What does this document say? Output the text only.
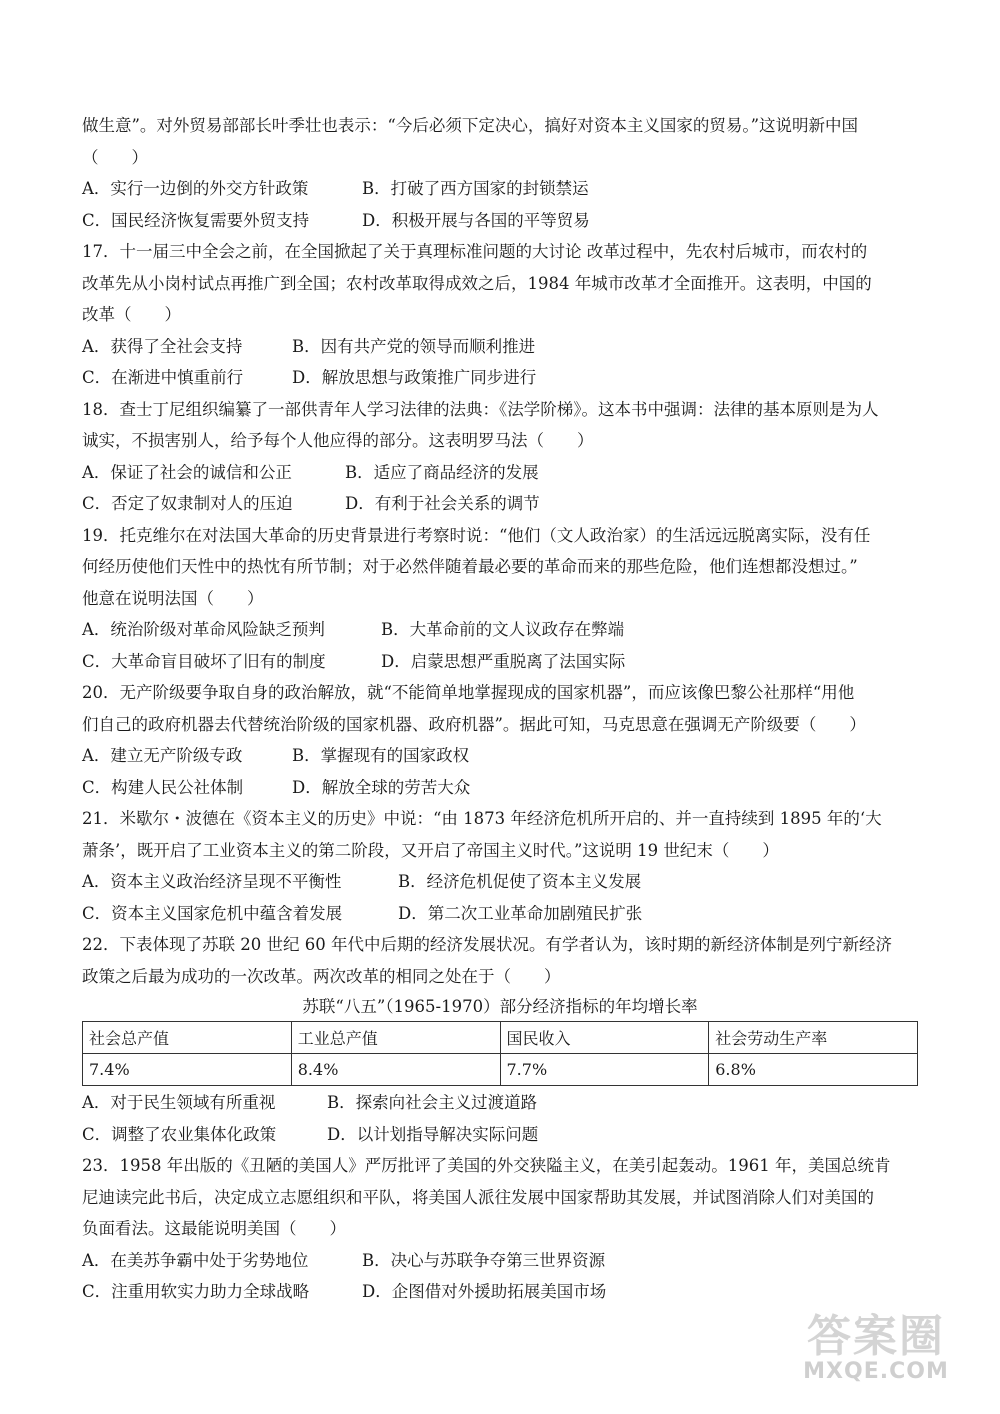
做生意”。对外贸易部部长叶季壮也表示：“今后必须下定决心，搞好对资本主义国家的贸易。”这说明新中国
（　　）
A．实行一边倒的外交方针政策	B．打破了西方国家的封锁禁运
C．国民经济恢复需要外贸支持	D．积极开展与各国的平等贸易
17．十一届三中全会之前，在全国掀起了关于真理标准问题的大讨论 改革过程中，先农村后城市，而农村的
改革先从小岗村试点再推广到全国；农村改革取得成效之后，1984 年城市改革才全面推开。这表明，中国的
改革（　　）
A．获得了全社会支持	B．因有共产党的领导而顺利推进
C．在渐进中慎重前行	D．解放思想与政策推广同步进行
18．查士丁尼组织编纂了一部供青年人学习法律的法典：《法学阶梯》。这本书中强调：法律的基本原则是为人
诚实，不损害别人，给予每个人他应得的部分。这表明罗马法（　　）
A．保证了社会的诚信和公正	B．适应了商品经济的发展
C．否定了奴隶制对人的压迫	D．有利于社会关系的调节
19．托克维尔在对法国大革命的历史背景进行考察时说：“他们（文人政治家）的生活远远脱离实际，没有任
何经历使他们天性中的热忱有所节制；对于必然伴随着最必要的革命而来的那些危险，他们连想都没想过。”
他意在说明法国（　　）
A．统治阶级对革命风险缺乏预判	B．大革命前的文人议政存在弊端
C．大革命盲目破坏了旧有的制度	D．启蒙思想严重脱离了法国实际
20．无产阶级要争取自身的政治解放，就“不能简单地掌握现成的国家机器”，而应该像巴黎公社那样“用他
们自己的政府机器去代替统治阶级的国家机器、政府机器”。据此可知，马克思意在强调无产阶级要（　　）
A．建立无产阶级专政	B．掌握现有的国家政权
C．构建人民公社体制	D．解放全球的劳苦大众
21．米歇尔・波德在《资本主义的历史》中说：“由 1873 年经济危机所开启的、并一直持续到 1895 年的‘大
萧条’，既开启了工业资本主义的第二阶段，又开启了帝国主义时代。”这说明 19 世纪末（　　）
A．资本主义政治经济呈现不平衡性	B．经济危机促使了资本主义发展
C．资本主义国家危机中蕴含着发展	D．第二次工业革命加剧殖民扩张
22．下表体现了苏联 20 世纪 60 年代中后期的经济发展状况。有学者认为，该时期的新经济体制是列宁新经济
政策之后最为成功的一次改革。两次改革的相同之处在于（　　）
苏联“八五”（1965-1970）部分经济指标的年均增长率
社会总产值	工业总产值	国民收入	社会劳动生产率
7.4%	8.4%	7.7%	6.8%
A．对于民生领域有所重视	B．探索向社会主义过渡道路
C．调整了农业集体化政策	D．以计划指导解决实际问题
23．1958 年出版的《丑陋的美国人》严厉批评了美国的外交狭隘主义，在美引起轰动。1961 年，美国总统肯
尼迪读完此书后，决定成立志愿组织和平队，将美国人派往发展中国家帮助其发展，并试图消除人们对美国的
负面看法。这最能说明美国（　　）
A．在美苏争霸中处于劣势地位	B．决心与苏联争夺第三世界资源
C．注重用软实力助力全球战略	D．企图借对外援助拓展美国市场
答案圈
MXQE.COM
